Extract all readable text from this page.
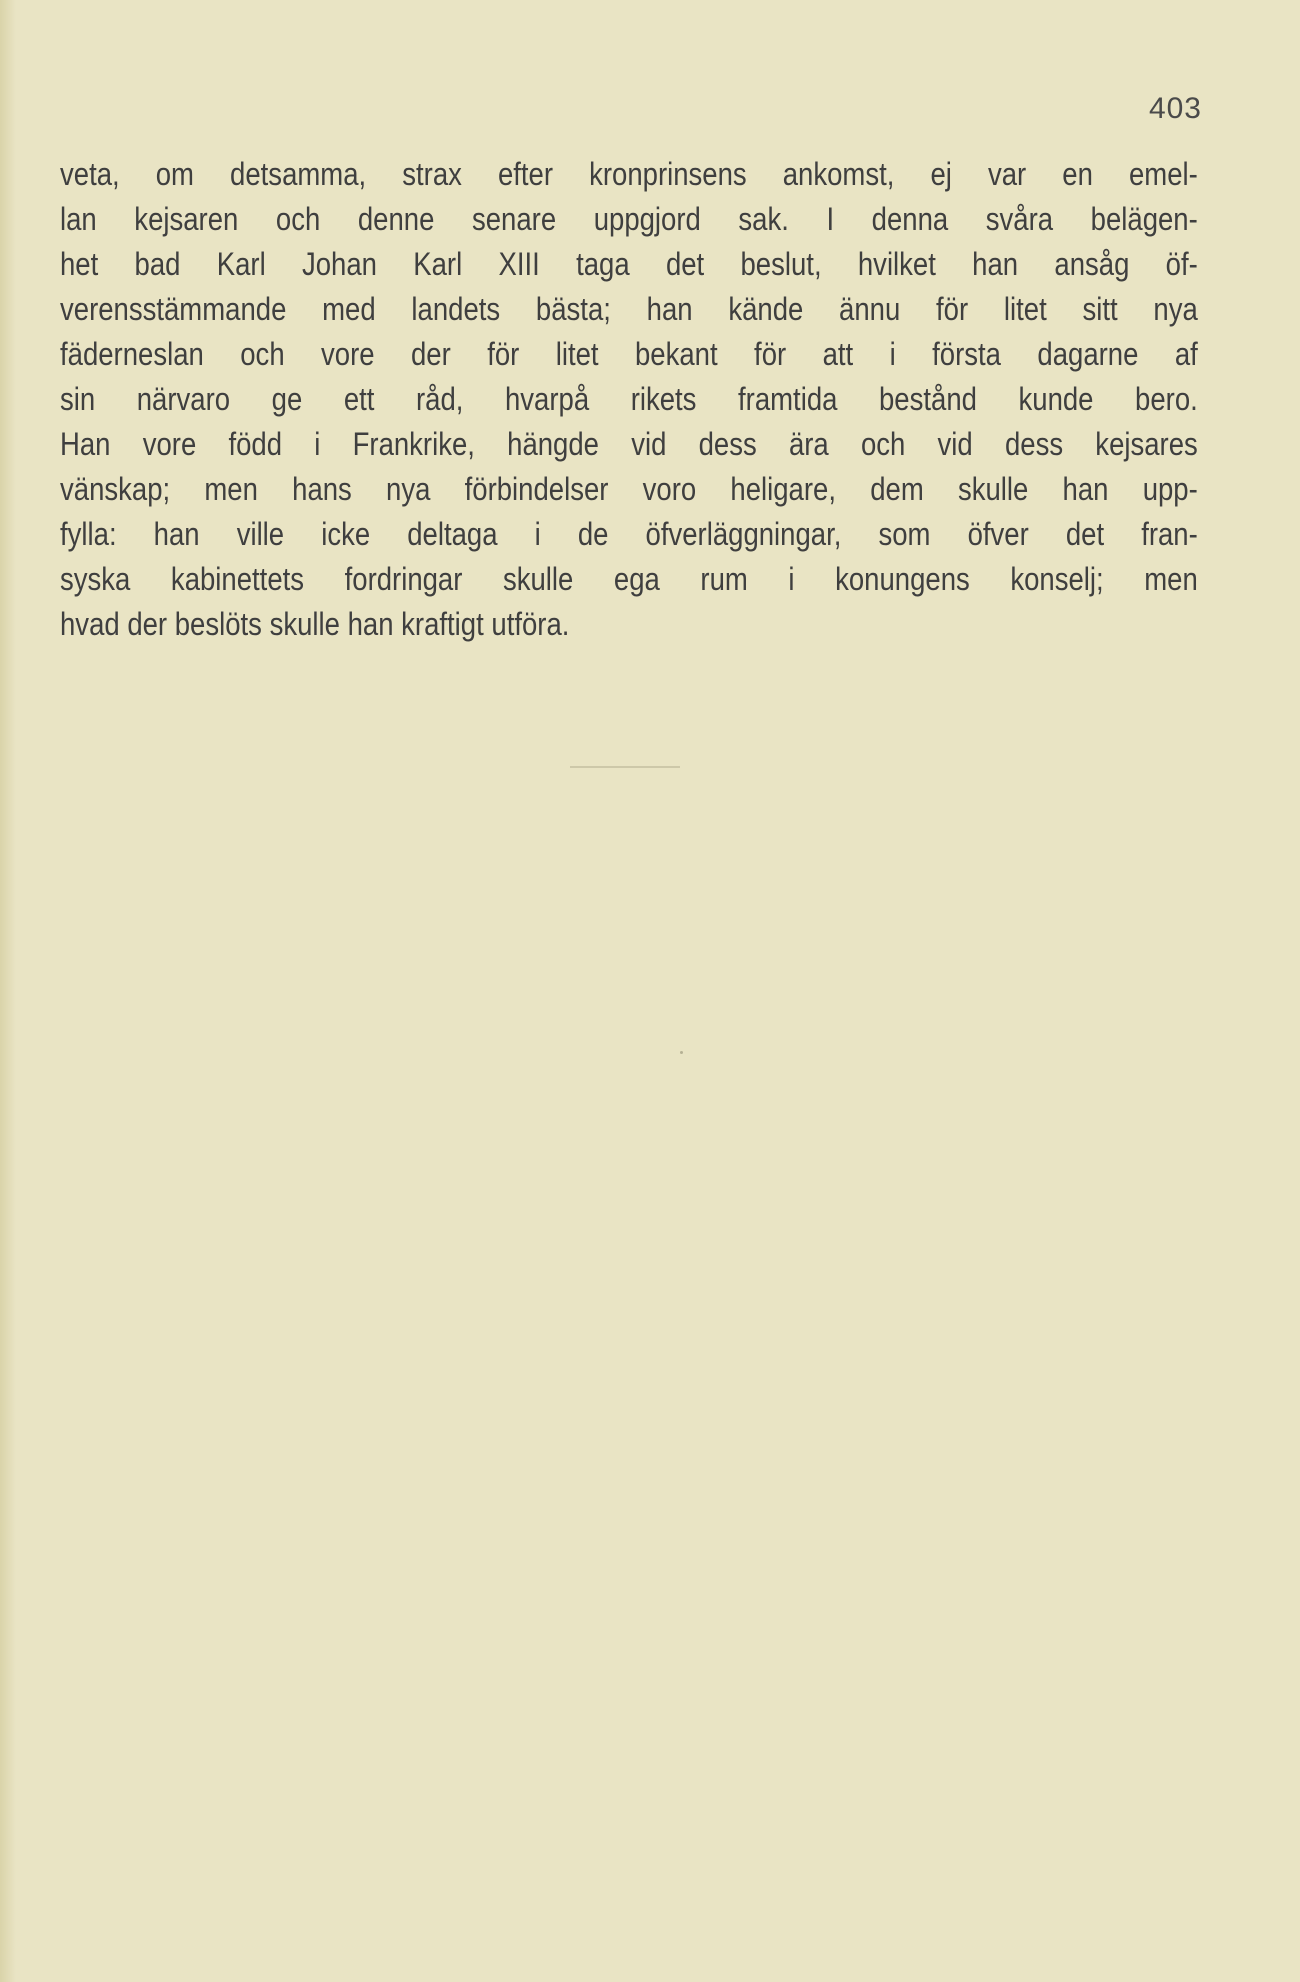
403
veta, om detsamma, strax efter kronprinsens ankomst, ej var en emel-
lan kejsaren och denne senare uppgjord sak. I denna svåra belägen-
het bad Karl Johan Karl XIII taga det beslut, hvilket han ansåg öf-
verensstämmande med landets bästa; han kände ännu för litet sitt nya
fäderneslan och vore der för litet bekant för att i första dagarne af
sin närvaro ge ett råd, hvarpå rikets framtida bestånd kunde bero.
Han vore född i Frankrike, hängde vid dess ära och vid dess kejsares
vänskap; men hans nya förbindelser voro heligare, dem skulle han upp-
fylla: han ville icke deltaga i de öfverläggningar, som öfver det fran-
syska kabinettets fordringar skulle ega rum i konungens konselj; men
hvad der beslöts skulle han kraftigt utföra.
